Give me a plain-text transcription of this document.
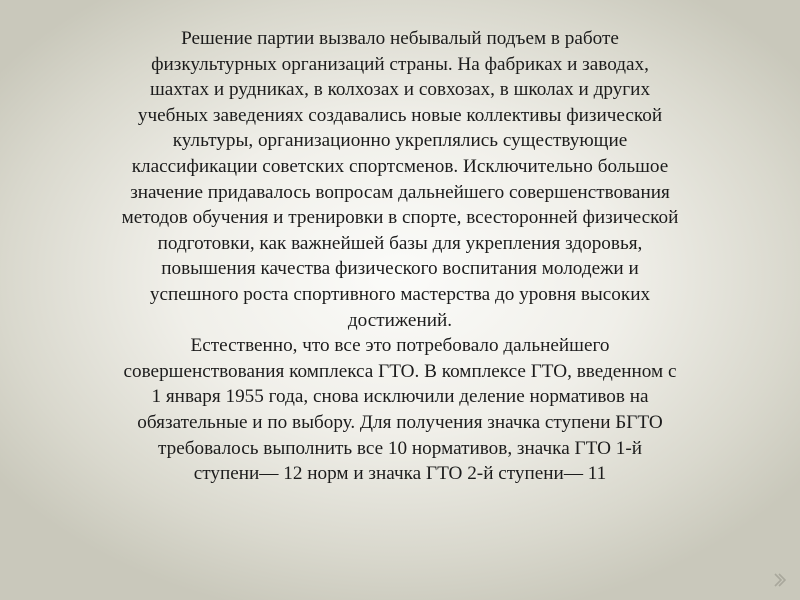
Решение партии вызвало небывалый подъем в работе
физкультурных организаций страны. На фабриках и заводах,
шахтах и рудниках, в колхозах и совхозах, в школах и других
учебных заведениях создавались новые коллективы физической
культуры, организационно укреплялись существующие
классификации советских спортсменов. Исключительно большое
значение придавалось вопросам дальнейшего совершенствования
методов обучения и тренировки в спорте, всесторонней физической
подготовки, как важнейшей базы для укрепления здоровья,
повышения качества физического воспитания молодежи и
успешного роста спортивного мастерства до уровня высоких
достижений.

Естественно, что все это потребовало дальнейшего
совершенствования комплекса ГТО. В комплексе ГТО, введенном с
1 января 1955 года, снова исключили деление нормативов на
обязательные и по выбору. Для получения значка ступени БГТО
требовалось выполнить все 10 нормативов, значка ГТО 1-й
ступени— 12 норм и значка ГТО 2-й ступени— 11
